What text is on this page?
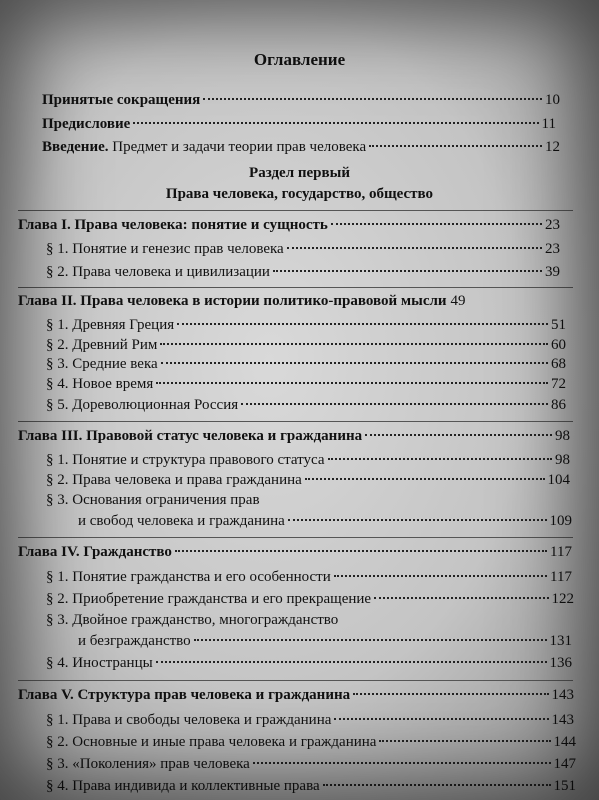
Оглавление
Принятые сокращения	10
Предисловие	11
Введение. Предмет и задачи теории прав человека	12
Раздел первый
Права человека, государство, общество
Глава I. Права человека: понятие и сущность	23
§ 1. Понятие и генезис прав человека	23
§ 2. Права человека и цивилизации	39
Глава II. Права человека в истории политико-правовой мысли 49
§ 1. Древняя Греция	51
§ 2. Древний Рим	60
§ 3. Средние века	68
§ 4. Новое время	72
§ 5. Дореволюционная Россия	86
Глава III. Правовой статус человека и гражданина	98
§ 1. Понятие и структура правового статуса	98
§ 2. Права человека и права гражданина	104
§ 3. Основания ограничения прав
и свобод человека и гражданина	109
Глава IV. Гражданство	117
§ 1. Понятие гражданства и его особенности	117
§ 2. Приобретение гражданства и его прекращение	122
§ 3. Двойное гражданство, многогражданство
и безгражданство	131
§ 4. Иностранцы	136
Глава V. Структура прав человека и гражданина	143
§ 1. Права и свободы человека и гражданина	143
§ 2. Основные и иные права человека и гражданина	144
§ 3. «Поколения» прав человека	147
§ 4. Права индивида и коллективные права	151
